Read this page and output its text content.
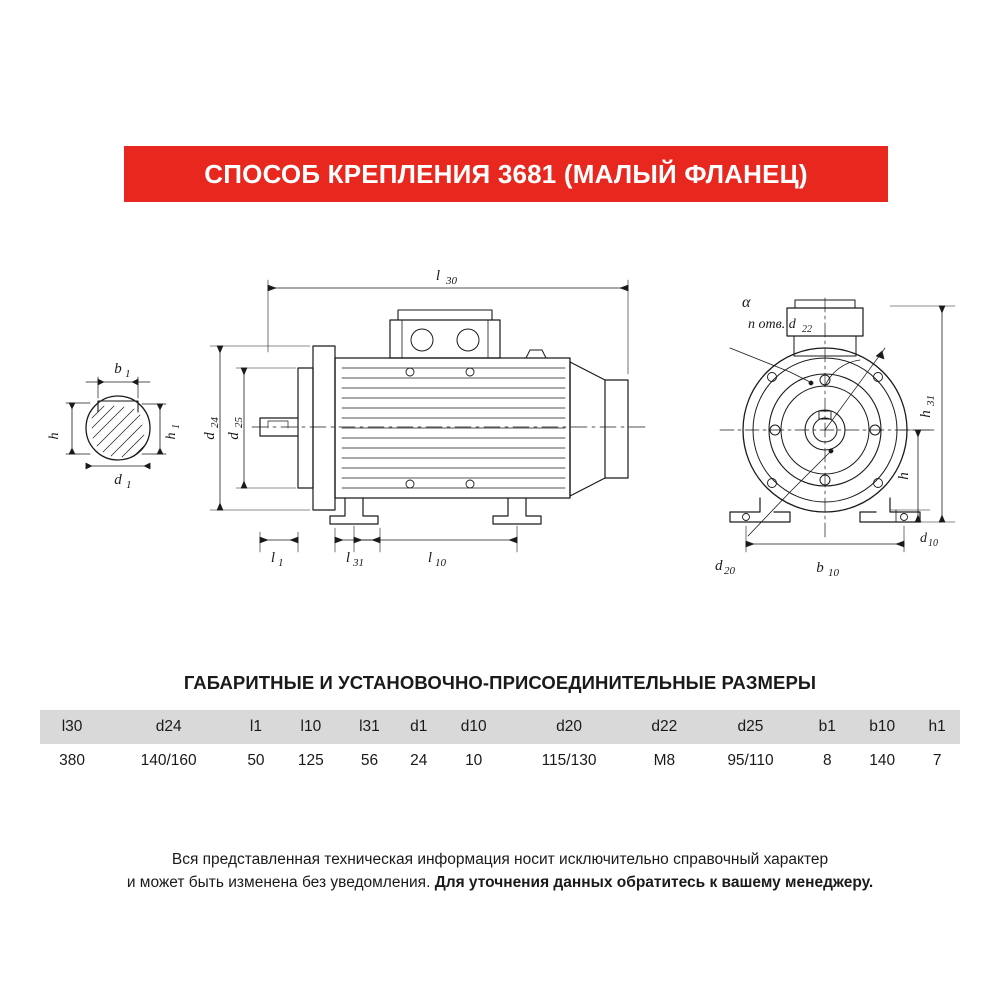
СПОСОБ КРЕПЛЕНИЯ 3681 (МАЛЫЙ ФЛАНЕЦ)
l 30
b 1
d 1
h
1
h	d
24
d
25
l 1	l 31	l 10
n отв. d 22
α
h
31
h
d 10
d 20	b 10
ГАБАРИТНЫЕ И УСТАНОВОЧНО-ПРИСОЕДИНИТЕЛЬНЫЕ РАЗМЕРЫ
l30	d24	l1	l10	l31	d1	d10	d20	d22	d25	b1	b10	h1
380	140/160	50	125	56	24	10	115/130	M8	95/110	8	140	7
Вся представленная техническая информация носит исключительно справочный характер
и может быть изменена без уведомления. Для уточнения данных обратитесь к вашему менеджеру.
